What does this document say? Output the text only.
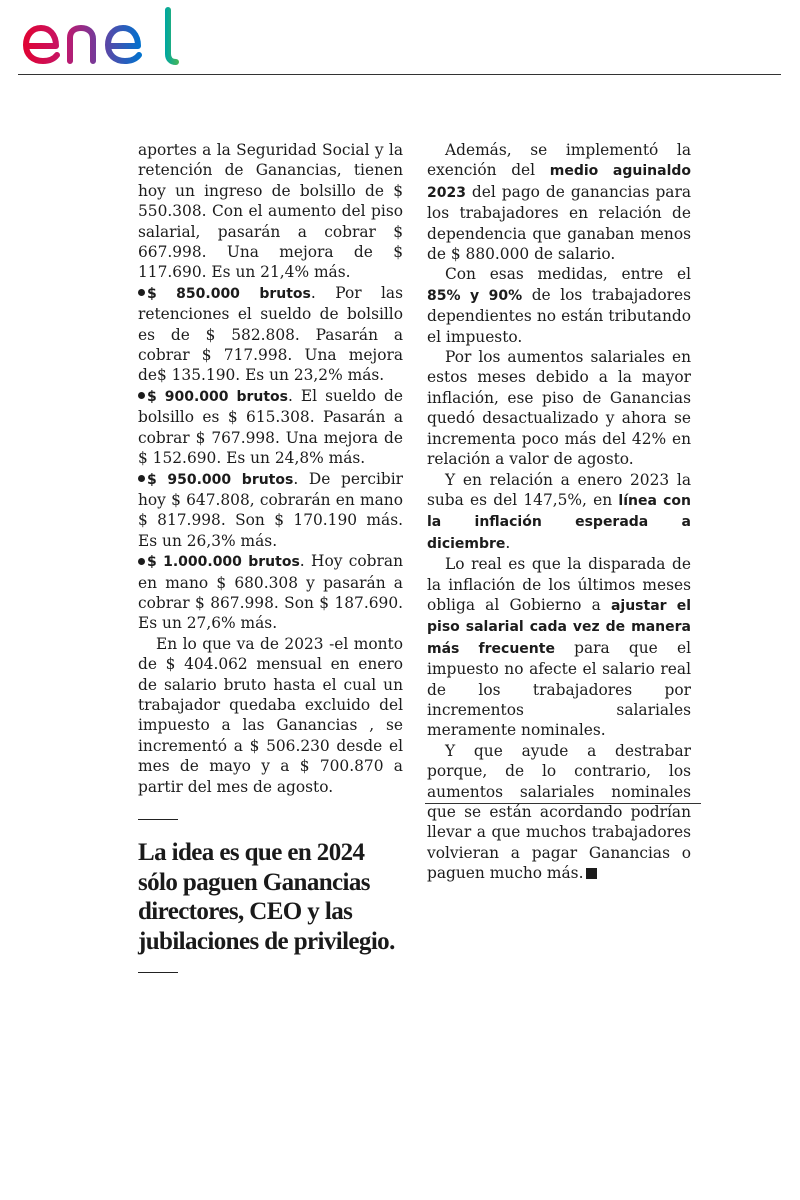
aportes a la Seguridad Social y la retención de Ganancias, tienen hoy un ingreso de bolsillo de $ 550.308. Con el aumento del piso salarial, pasarán a cobrar $ 667.998. Una mejora de $ 117.690. Es un 21,4% más.

$ 850.000 brutos. Por las retenciones el sueldo de bolsillo es de $ 582.808. Pasarán a cobrar $ 717.998. Una mejora de$ 135.190. Es un 23,2% más.

$ 900.000 brutos. El sueldo de bolsillo es $ 615.308. Pasarán a cobrar $ 767.998. Una mejora de $ 152.690. Es un 24,8% más.

$ 950.000 brutos. De percibir hoy $ 647.808, cobrarán en mano $ 817.998. Son $ 170.190 más. Es un 26,3% más.

$ 1.000.000 brutos. Hoy cobran en mano $ 680.308 y pasarán a cobrar $ 867.998. Son $ 187.690. Es un 27,6% más.

En lo que va de 2023 -el monto de $ 404.062 mensual en enero de salario bruto hasta el cual un trabajador quedaba excluido del impuesto a las Ganancias , se incrementó a $ 506.230 desde el mes de mayo y a $ 700.870 a partir del mes de agosto.

La idea es que en 2024 sólo paguen Ganancias directores, CEO y las jubilaciones de privilegio.

Además, se implementó la exención del medio aguinaldo 2023 del pago de ganancias para los trabajadores en relación de dependencia que ganaban menos de $ 880.000 de salario.

Con esas medidas, entre el 85% y 90% de los trabajadores dependientes no están tributando el impuesto.

Por los aumentos salariales en estos meses debido a la mayor inflación, ese piso de Ganancias quedó desactualizado y ahora se incrementa poco más del 42% en relación a valor de agosto.

Y en relación a enero 2023 la suba es del 147,5%, en línea con la inflación esperada a diciembre.

Lo real es que la disparada de la inflación de los últimos meses obliga al Gobierno a ajustar el piso salarial cada vez de manera más frecuente para que el impuesto no afecte el salario real de los trabajadores por incrementos salariales meramente nominales.

Y que ayude a destrabar porque, de lo contrario, los aumentos salariales nominales que se están acordando podrían llevar a que muchos trabajadores volvieran a pagar Ganancias o paguen mucho más.
